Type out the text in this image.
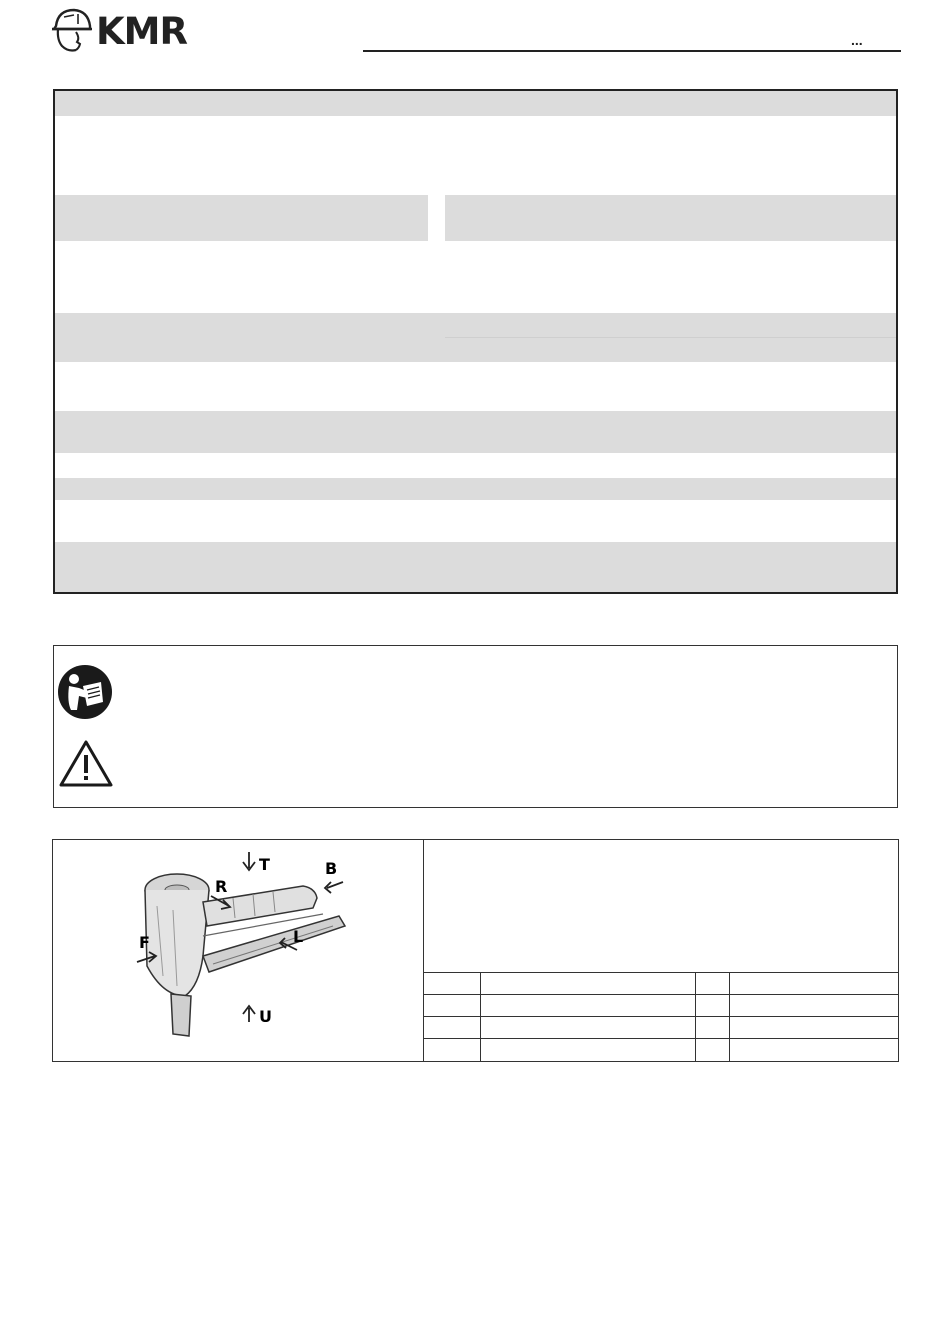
KMR	...
T	B
R
F	L
U
